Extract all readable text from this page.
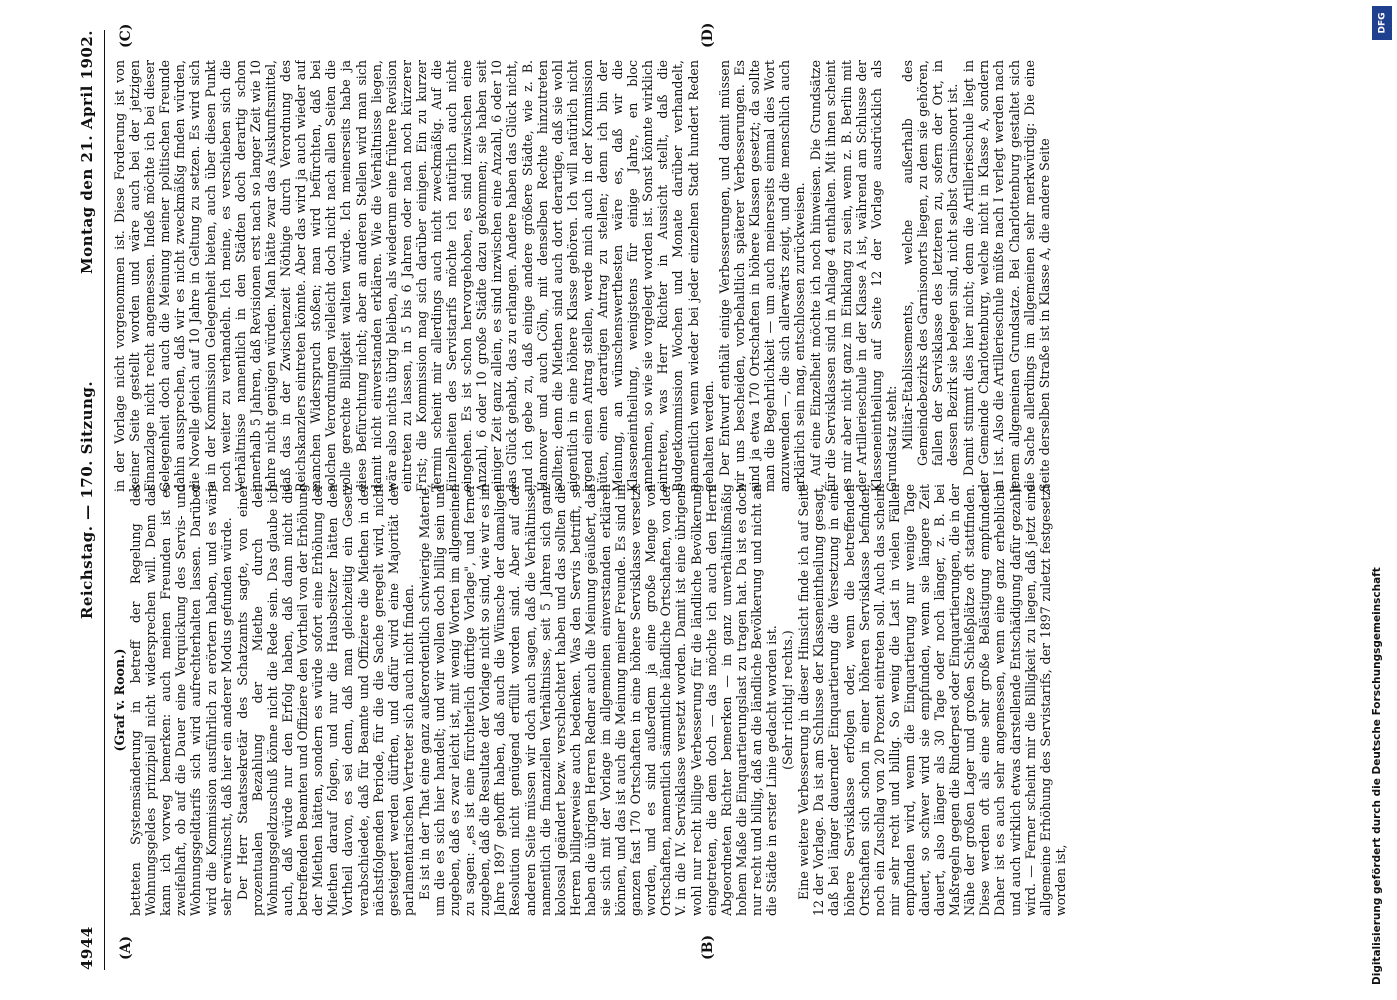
4944
Reichstag. — 170. Sitzung.
Montag den 21. April 1902.
(A)	(B)
(C)	(D)

(Graf v. Roon.) betteten Systemsänderung in betreff der Regelung des Wohnungsgeldes prinzipiell nicht widersprechen will. Denn das kann ich vorweg bemerken: auch meinen Freunden ist es zweifelhaft, ob auf die Dauer eine Verquickung des Servis- und Wohnungsgeldtarifs sich wird aufrechterhalten lassen. Darüber wird die Kommission ausführlich zu erörtern haben, und es wäre sehr erwünscht, daß hier ein anderer Modus gefunden würde. Der Herr Staatssekretär des Schatzamts sagte, von einer prozentualen Bezahlung der Miethe durch den Wohnungsgeldzuschuß könne nicht die Rede sein. Das glaube ich auch, daß würde nur den Erfolg haben, daß dann nicht die betreffenden Beamten und Offiziere den Vortheil von der Erhöhung der Miethen hätten, sondern es würde sofort eine Erhöhung der Miethen darauf folgen, und nur die Hausbesitzer hätten den Vortheil davon, es sei denn, daß man gleichzeitig ein Gesetz verabschiedete, daß für Beamte und Offiziere die Miethen in der nächstfolgenden Periode, für die die Sache geregelt wird, nicht gesteigert werden dürften, und dafür wird eine Majorität der parlamentarischen Vertreter sich auch nicht finden. Es ist in der That eine ganz außerordentlich schwierige Materie, um die es sich hier handelt; und wir wollen doch billig sein und zugeben, daß es zwar leicht ist, mit wenig Worten im allgemeinen zu sagen: „es ist eine fürchterlich dürftige Vorlage", und ferner zugeben, daß die Resultate der Vorlage nicht so sind, wie wir es im Jahre 1897 gehofft haben, daß auch die Wünsche der damaligen Resolution nicht genügend erfüllt worden sind. Aber auf der anderen Seite müssen wir doch auch sagen, daß die Verhältnisse, namentlich die finanziellen Verhältnisse, seit 5 Jahren sich ganz kolossal geändert bezw. verschlechtert haben und das sollten die Herren billigerweise auch bedenken. Was den Servis betrifft, so haben die übrigen Herren Redner auch die Meinung geäußert, daß sie sich mit der Vorlage im allgemeinen einverstanden erklären können, und das ist auch die Meinung meiner Freunde. Es sind im ganzen fast 170 Ortschaften in eine höhere Servisklasse versetzt worden, und es sind außerdem ja eine große Menge von Ortschaften, namentlich sämmtliche ländliche Ortschaften, von der V. in die IV. Servisklasse versetzt worden. Damit ist eine übrigens wohl nur recht billige Verbesserung für die ländliche Bevölkerung eingetreten, die dem doch — das möchte ich auch den Herrn Abgeordneten Richter bemerken — in ganz unverhältnißmäßig hohem Maße die Einquartierungslast zu tragen hat. Da ist es doch nur recht und billig, daß an die ländliche Bevölkerung und nicht an die Städte in erster Linie gedacht worden ist. (Sehr richtig! rechts.) Eine weitere Verbesserung in dieser Hinsicht finde ich auf Seite 12 der Vorlage. Da ist am Schlusse der Klasseneintheilung gesagt, daß bei länger dauernder Einquartierung die Versetzung in eine höhere Servisklasse erfolgen oder, wenn die betreffenden Ortschaften sich schon in einer höheren Servisklasse befinden, noch ein Zuschlag von 20 Prozent eintreten soll. Auch das scheint mir sehr recht und billig. So wenig die Last in vielen Fällen empfunden wird, wenn die Einquartierung nur wenige Tage dauert, so schwer wird sie empfunden, wenn sie längere Zeit dauert, also länger als 30 Tage oder noch länger, z. B. bei Maßregeln gegen die Rinderpest oder Einquartierungen, die in der Nähe der großen Lager und großen Schießplätze oft stattfinden. Diese werden oft als eine sehr große Belästigung empfunden. Daher ist es auch sehr angemessen, wenn eine ganz erhebliche und auch wirklich etwas darstellende Entschädigung dafür gezahlt wird. — Ferner scheint mir die Billigkeit zu liegen, daß jetzt eine allgemeine Erhöhung des Servistarifs, der 1897 zuletzt festgesetzt worden ist,

in der Vorlage nicht vorgenommen ist. Diese Forderung ist von keiner Seite gestellt worden und wäre auch bei der jetzigen Finanzlage nicht recht angemessen. Indeß möchte ich bei dieser Gelegenheit doch auch die Meinung meiner politischen Freunde dahin aussprechen, daß wir es nicht zweckmäßig finden würden, die Novelle gleich auf 10 Jahre in Geltung zu setzen. Es wird sich ja in der Kommission Gelegenheit bieten, auch über diesen Punkt noch weiter zu verhandeln. Ich meine, es verschieben sich die Verhältnisse namentlich in den Städten doch derartig schon innerhalb 5 Jahren, daß Revisionen erst nach so langer Zeit wie 10 Jahre nicht genügen würden. Man hätte zwar das Auskunftsmittel, daß das in der Zwischenzeit Nöthige durch Verordnung des Reichskanzlers eintreten könnte. Aber das wird ja auch wieder auf manchen Widerspruch stoßen; man wird befürchten, daß bei solchen Verordnungen vielleicht doch nicht nach allen Seiten die volle gerechte Billigkeit walten würde. Ich meinerseits habe ja diese Befürchtung nicht; aber an anderen Stellen wird man sich damit nicht einverstanden erklären. Wie die Verhältnisse liegen, wäre also nichts übrig bleiben, als wiederum eine frühere Revision eintreten zu lassen, in 5 bis 6 Jahren oder nach noch kürzerer Frist; die Kommission mag sich darüber einigen. Ein zu kurzer Termin scheint mir allerdings auch nicht zweckmäßig. Auf die Einzelheiten des Servistarifs möchte ich natürlich auch nicht eingehen. Es ist schon hervorgehoben, es sind inzwischen eine Anzahl, 6 oder 10 große Städte dazu gekommen; sie haben seit einiger Zeit ganz allein, es sind inzwischen eine Anzahl, 6 oder 10 das Glück gehabt, das zu erlangen. Andere haben das Glück nicht, und ich gebe zu, daß einige andere größere Städte, wie z. B. Hannover und auch Cöln, mit denselben Rechte hinzutreten sollten; denn die Miethen sind auch dort derartige, daß sie wohl eigentlich in eine höhere Klasse gehören. Ich will natürlich nicht irgend einen Antrag stellen, werde mich auch in der Kommission hüten, einen derartigen Antrag zu stellen; denn ich bin der Meinung, an wünschenswerthesten wäre es, daß wir die Klasseneintheilung, wenigstens für einige Jahre, en bloc annehmen, so wie sie vorgelegt worden ist. Sonst könnte wirklich eintreten, was Herr Richter in Aussicht stellt, daß die Budgetkommission Wochen und Monate darüber verhandelt, namentlich wenn wieder bei jeder einzelnen Stadt hundert Reden gehalten werden. Der Entwurf enthält einige Verbesserungen, und damit müssen wir uns bescheiden, vorbehaltlich späterer Verbesserungen. Es sind ja etwa 170 Ortschaften in höhere Klassen gesetzt; da sollte man die Begehrlichkeit — um auch meinerseits einmal dies Wort anzuwenden —, die sich allerwärts zeigt, und die menschlich auch erklärlich sein mag, entschlossen zurückweisen. Auf eine Einzelheit möchte ich noch hinweisen. Die Grundsätze für die Servisklassen sind in Anlage 4 enthalten. Mit ihnen scheint es mir aber nicht ganz im Einklang zu sein, wenn z. B. Berlin mit der Artillerieschule in der Klasse A ist, während am Schlusse der Klasseneintheilung auf Seite 12 der Vorlage ausdrücklich als Grundsatz steht: Militär-Etablissements, welche außerhalb des Gemeindebezirks des Garnisonorts liegen, zu dem sie gehören, fallen der Servisklasse des letzteren zu, sofern der Ort, in dessen Bezirk sie belegen sind, nicht selbst Garnisonort ist. Damit stimmt dies hier nicht; denn die Artillerieschule liegt in der Gemeinde Charlottenburg, welche nicht in Klasse A, sondern in I ist. Also die Artillerieschule müßte nach I verlegt werden nach jenem allgemeinen Grundsatze. Bei Charlottenburg gestaltet sich die Sache allerdings im allgemeinen sehr merkwürdig: Die eine Seite derselben Straße ist in Klasse A, die andere Seite

DFG
Digitalisierung gefördert durch die Deutsche Forschungsgemeinschaft
